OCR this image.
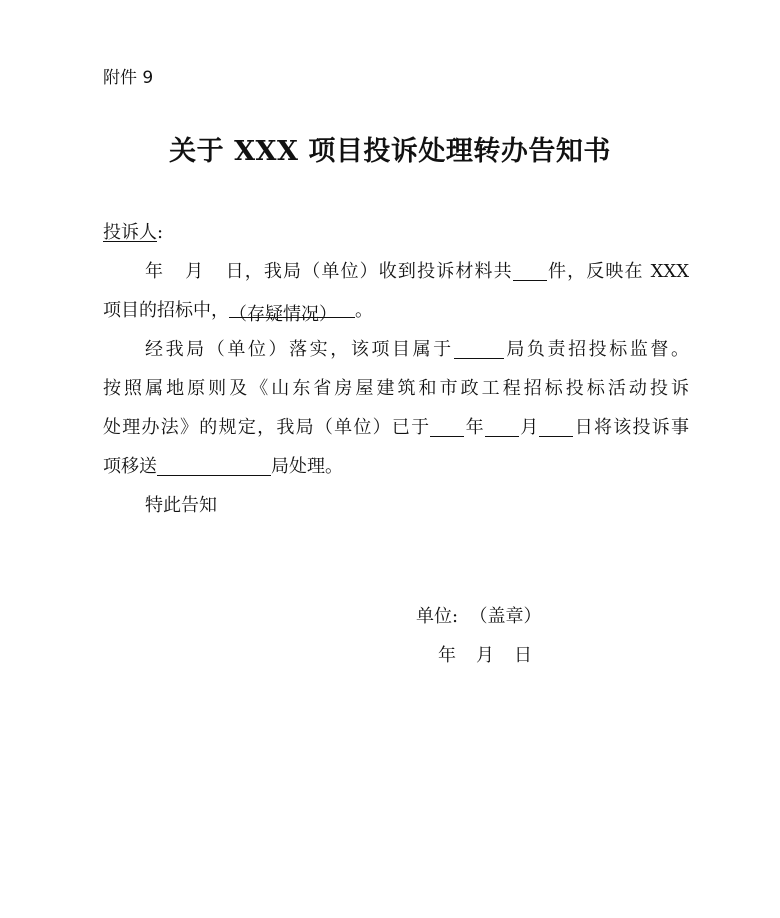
附件 9
关于 XXX 项目投诉处理转办告知书
投诉人:
年 月 日，我局（单位）收到投诉材料共 件，反映在 XXX
项目的招标中，（存疑情况） 。
经我局（单位）落实，该项目属于	局负责招投标监督。
按照属地原则及《山东省房屋建筑和市政工程招标投标活动投诉
处理办法》的规定，我局（单位）已于 年 月 日将该投诉事
项移送	局处理。
特此告知
单位: （盖章）
年 月 日
